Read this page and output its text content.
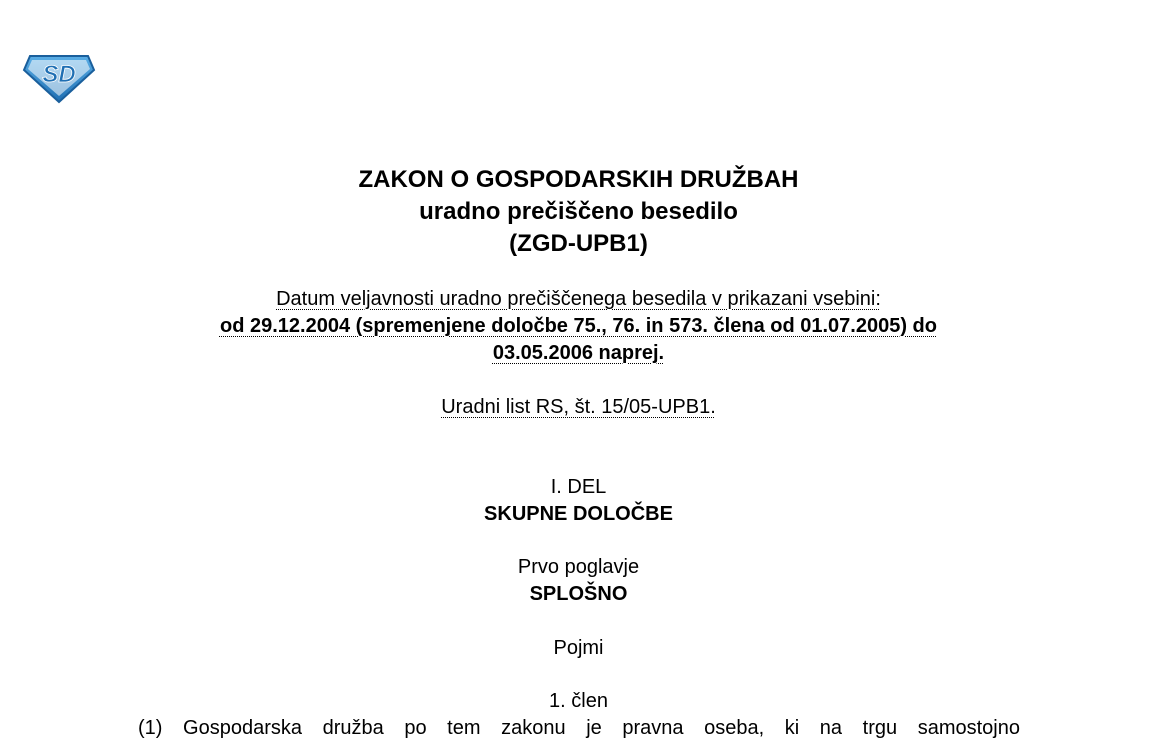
SD
ZAKON O GOSPODARSKIH DRUŽBAH
uradno prečiščeno besedilo
(ZGD-UPB1)
Datum veljavnosti uradno prečiščenega besedila v prikazani vsebini:
od 29.12.2004 (spremenjene določbe 75., 76. in 573. člena od 01.07.2005) do
03.05.2006 naprej.
Uradni list RS, št. 15/05-UPB1.
I. DEL
SKUPNE DOLOČBE
Prvo poglavje
SPLOŠNO
Pojmi
1. člen
(1) Gospodarska družba po tem zakonu je pravna oseba, ki na trgu samostojno
